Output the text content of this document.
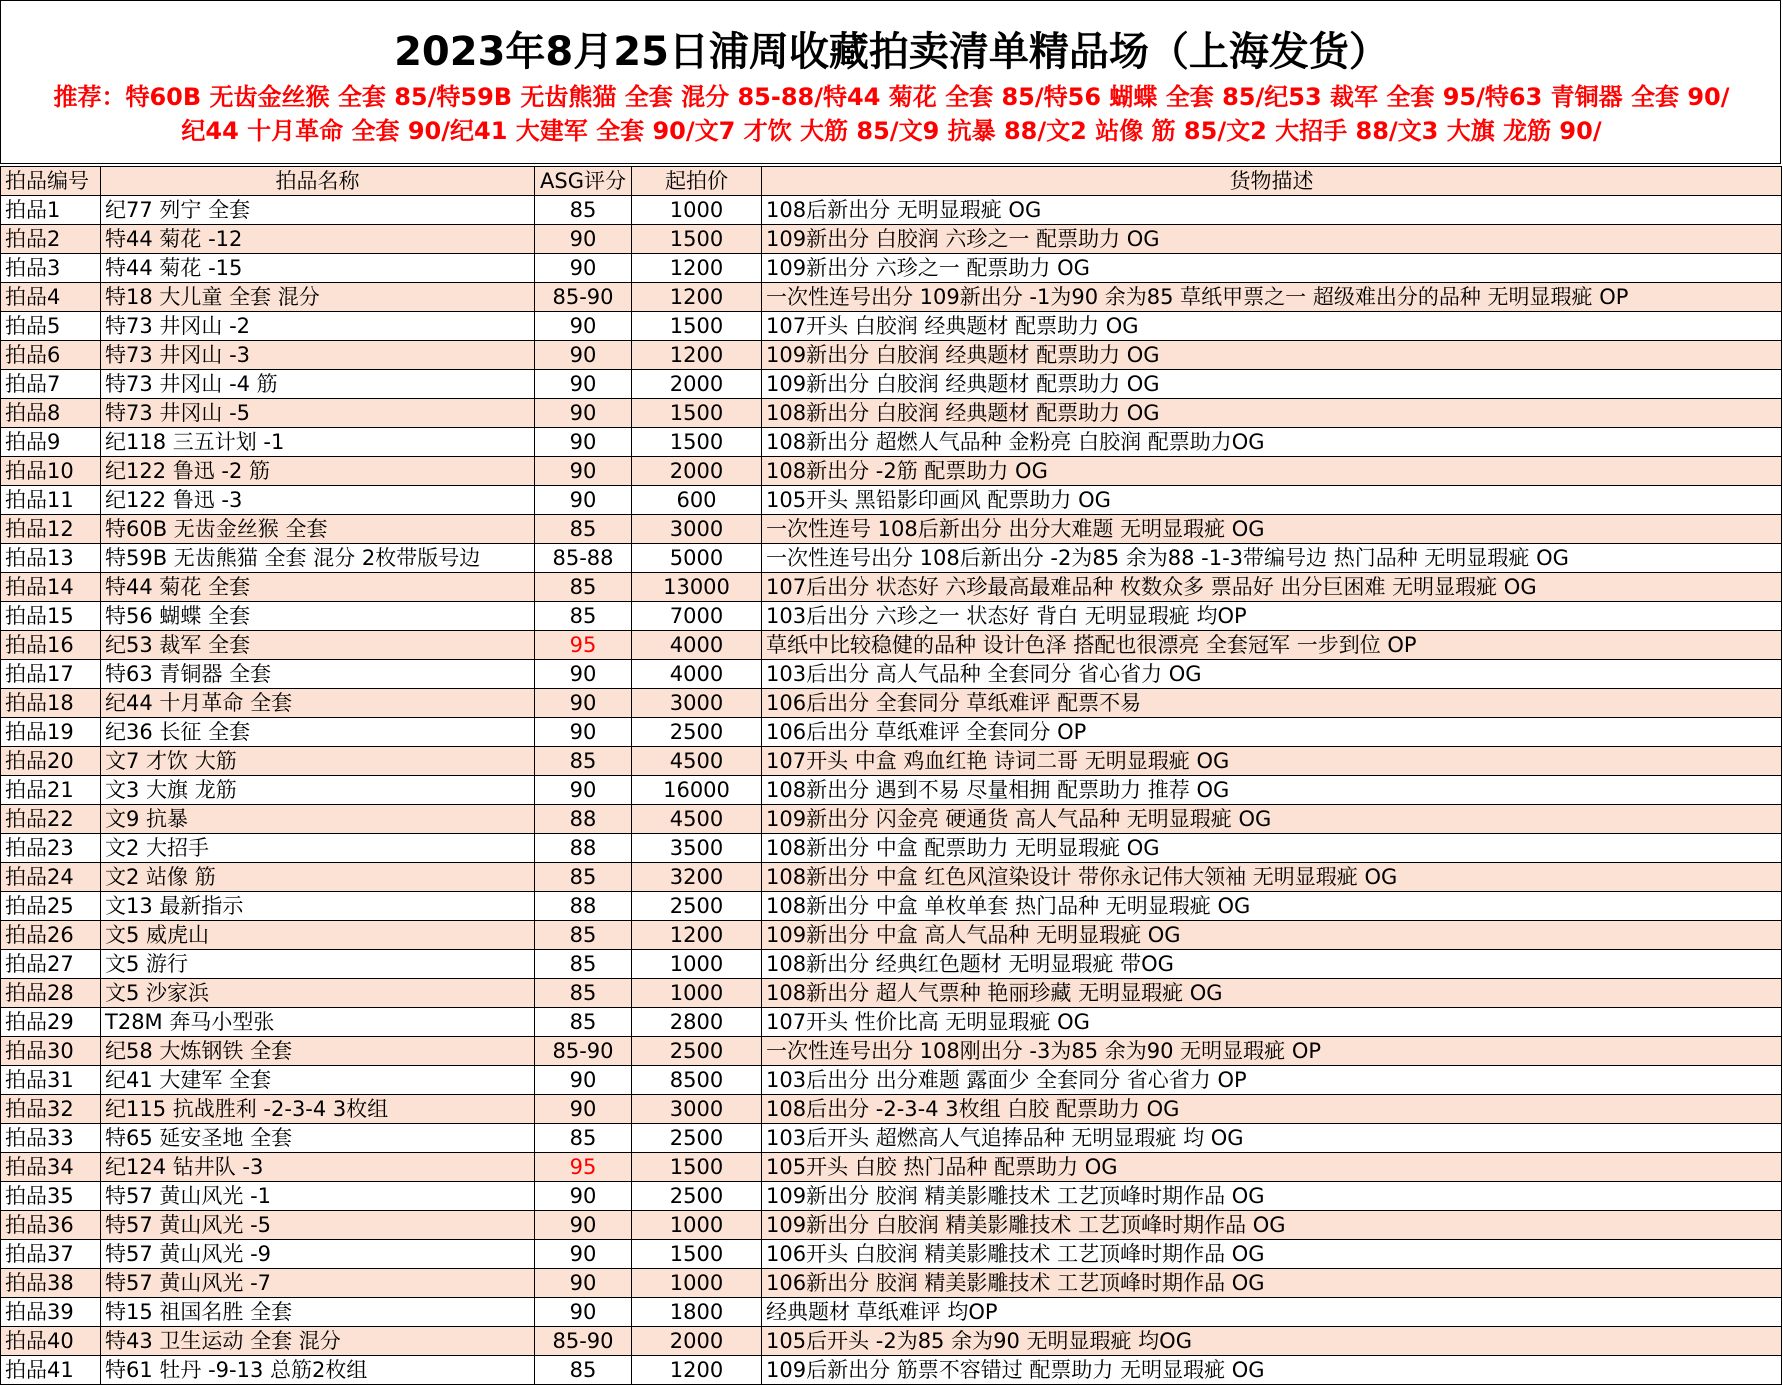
2023年8月25日浦周收藏拍卖清单精品场（上海发货）
推荐：特60B 无齿金丝猴 全套 85/特59B 无齿熊猫 全套 混分 85-88/特44 菊花 全套 85/特56 蝴蝶 全套 85/纪53 裁军 全套 95/特63 青铜器 全套 90/
纪44 十月革命 全套 90/纪41 大建军 全套 90/文7 才饮 大筋 85/文9 抗暴 88/文2 站像 筋 85/文2 大招手 88/文3 大旗 龙筋 90/
拍品编号	拍品名称	ASG评分	起拍价	货物描述
拍品1	纪77 列宁 全套	85	1000	108后新出分 无明显瑕疵 OG
拍品2	特44 菊花 -12	90	1500	109新出分 白胶润 六珍之一 配票助力 OG
拍品3	特44 菊花 -15	90	1200	109新出分 六珍之一 配票助力 OG
拍品4	特18 大儿童 全套 混分	85-90	1200	一次性连号出分 109新出分 -1为90 余为85 草纸甲票之一 超级难出分的品种 无明显瑕疵 OP
拍品5	特73 井冈山 -2	90	1500	107开头 白胶润 经典题材 配票助力 OG
拍品6	特73 井冈山 -3	90	1200	109新出分 白胶润 经典题材 配票助力 OG
拍品7	特73 井冈山 -4 筋	90	2000	109新出分 白胶润 经典题材 配票助力 OG
拍品8	特73 井冈山 -5	90	1500	108新出分 白胶润 经典题材 配票助力 OG
拍品9	纪118 三五计划 -1	90	1500	108新出分 超燃人气品种 金粉亮 白胶润 配票助力OG
拍品10	纪122 鲁迅 -2 筋	90	2000	108新出分 -2筋 配票助力 OG
拍品11	纪122 鲁迅 -3	90	600	105开头 黑铅影印画风 配票助力 OG
拍品12	特60B 无齿金丝猴 全套	85	3000	一次性连号 108后新出分 出分大难题 无明显瑕疵 OG
拍品13	特59B 无齿熊猫 全套 混分 2枚带版号边	85-88	5000	一次性连号出分 108后新出分 -2为85 余为88 -1-3带编号边 热门品种 无明显瑕疵 OG
拍品14	特44 菊花 全套	85	13000	107后出分 状态好 六珍最高最难品种 枚数众多 票品好 出分巨困难 无明显瑕疵 OG
拍品15	特56 蝴蝶 全套	85	7000	103后出分 六珍之一 状态好 背白 无明显瑕疵 均OP
拍品16	纪53 裁军 全套	95	4000	草纸中比较稳健的品种 设计色泽 搭配也很漂亮 全套冠军 一步到位 OP
拍品17	特63 青铜器 全套	90	4000	103后出分 高人气品种 全套同分 省心省力 OG
拍品18	纪44 十月革命 全套	90	3000	106后出分 全套同分 草纸难评 配票不易
拍品19	纪36 长征 全套	90	2500	106后出分 草纸难评 全套同分 OP
拍品20	文7 才饮 大筋	85	4500	107开头 中盒 鸡血红艳 诗词二哥 无明显瑕疵 OG
拍品21	文3 大旗 龙筋	90	16000	108新出分 遇到不易 尽量相拥 配票助力 推荐 OG
拍品22	文9 抗暴	88	4500	109新出分 闪金亮 硬通货 高人气品种 无明显瑕疵 OG
拍品23	文2 大招手	88	3500	108新出分 中盒 配票助力 无明显瑕疵 OG
拍品24	文2 站像 筋	85	3200	108新出分 中盒 红色风渲染设计 带你永记伟大领袖 无明显瑕疵 OG
拍品25	文13 最新指示	88	2500	108新出分 中盒 单枚单套 热门品种 无明显瑕疵 OG
拍品26	文5 威虎山	85	1200	109新出分 中盒 高人气品种 无明显瑕疵 OG
拍品27	文5 游行	85	1000	108新出分 经典红色题材 无明显瑕疵 带OG
拍品28	文5 沙家浜	85	1000	108新出分 超人气票种 艳丽珍藏 无明显瑕疵 OG
拍品29	T28M 奔马小型张	85	2800	107开头 性价比高 无明显瑕疵 OG
拍品30	纪58 大炼钢铁 全套	85-90	2500	一次性连号出分 108刚出分 -3为85 余为90 无明显瑕疵 OP
拍品31	纪41 大建军 全套	90	8500	103后出分 出分难题 露面少 全套同分 省心省力 OP
拍品32	纪115 抗战胜利 -2-3-4 3枚组	90	3000	108后出分 -2-3-4 3枚组 白胶 配票助力 OG
拍品33	特65 延安圣地 全套	85	2500	103后开头 超燃高人气追捧品种 无明显瑕疵 均 OG
拍品34	纪124 钻井队 -3	95	1500	105开头 白胶 热门品种 配票助力 OG
拍品35	特57 黄山风光 -1	90	2500	109新出分 胶润 精美影雕技术 工艺顶峰时期作品 OG
拍品36	特57 黄山风光 -5	90	1000	109新出分 白胶润 精美影雕技术 工艺顶峰时期作品 OG
拍品37	特57 黄山风光 -9	90	1500	106开头 白胶润 精美影雕技术 工艺顶峰时期作品 OG
拍品38	特57 黄山风光 -7	90	1000	106新出分 胶润 精美影雕技术 工艺顶峰时期作品 OG
拍品39	特15 祖国名胜 全套	90	1800	经典题材 草纸难评 均OP
拍品40	特43 卫生运动 全套 混分	85-90	2000	105后开头 -2为85 余为90 无明显瑕疵 均OG
拍品41	特61 牡丹 -9-13 总筋2枚组	85	1200	109后新出分 筋票不容错过 配票助力 无明显瑕疵 OG
